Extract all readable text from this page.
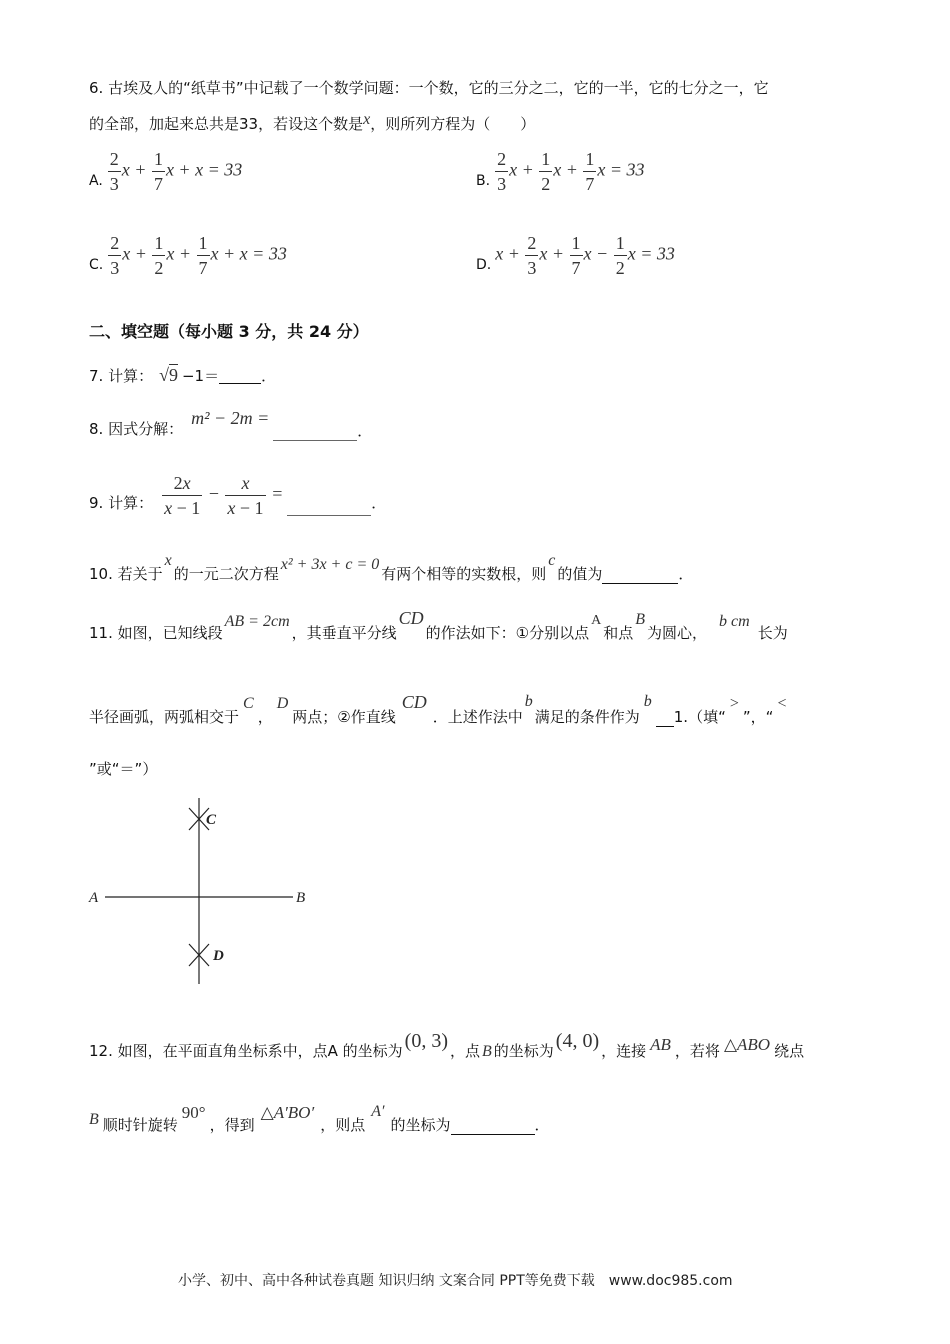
6. 古埃及人的“纸草书”中记载了一个数学问题：一个数，它的三分之二，它的一半，它的七分之一，它
的全部，加起来总共是33，若设这个数是x，则所列方程为（　　）
A. $\frac{2}{3}$ $x + \frac{1}{7}$ x + x = 33
B. $\frac{2}{3}$ $x + \frac{1}{2}$ $x + \frac{1}{7}$ x = 33
C. $\frac{2}{3}$ $x + \frac{1}{2}$ $x + \frac{1}{7}$ x + x = 33
D.
$x + \frac{2}{3}$ $x + \frac{1}{7}$ $x - \frac{1}{2}$ x = 33
二、填空题（每小题 3 分，共 24 分）
7. 计算： √9 −1＝	．
8. 因式分解：
m² − 2m =
．
9. 计算： $\frac{2x}{x - 1} - \frac{x}{x - 1}$ =	．
10. 若关于
x
的一元二次方程
x² + 3x + c = 0
有两个相等的实数根，则
c
的值为	．
11. 如图，已知线段
AB = 2cm
，其垂直平分线
CD
的作法如下：①分别以点
A
和点
B
为圆心，
b cm
长为
半径画弧，两弧相交于
C
，
D
两点；②作直线
CD
．上述作法中
b
满足的条件作为
b
1.（填“
>
”，“
<
”或“＝”）
A	B
C
D
12. 如图，在平面直角坐标系中，点A 的坐标为 (0, 3) ，点 B 的坐标为 (4, 0) ，连接 AB ，若将 △ABO 绕点
B 顺时针旋转
90°
，得到
△A′BO′
，则点
A′
的坐标为	．
小学、初中、高中各种试卷真题 知识归纳 文案合同 PPT等免费下载　www.doc985.com
